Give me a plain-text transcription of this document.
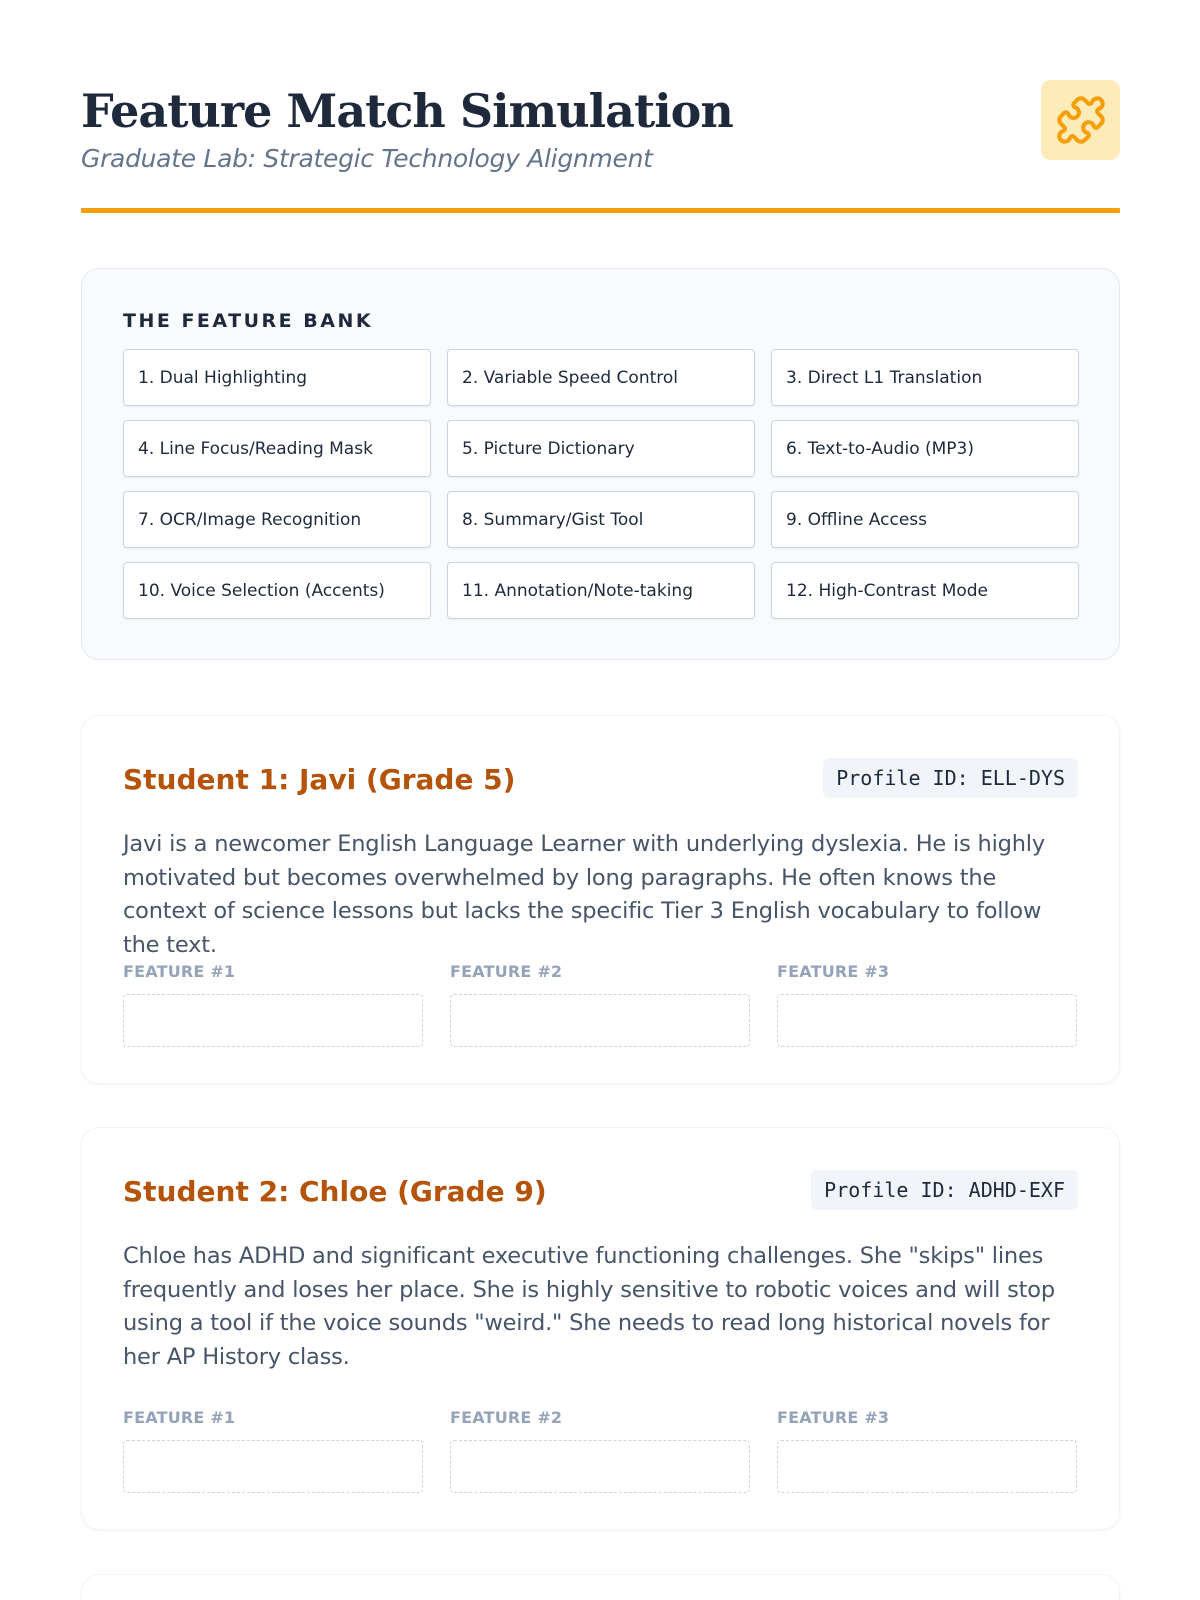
Feature Match Simulation
Graduate Lab: Strategic Technology Alignment
THE FEATURE BANK
1. Dual Highlighting	2. Variable Speed Control	3. Direct L1 Translation
4. Line Focus/Reading Mask	5. Picture Dictionary	6. Text-to-Audio (MP3)
7. OCR/Image Recognition	8. Summary/Gist Tool	9. Offline Access
10. Voice Selection (Accents)	11. Annotation/Note-taking	12. High-Contrast Mode
Student 1: Javi (Grade 5)	Profile ID: ELL-DYS

Javi is a newcomer English Language Learner with underlying dyslexia. He is highly motivated but becomes overwhelmed by long paragraphs. He often knows the context of science lessons but lacks the specific Tier 3 English vocabulary to follow the text.

FEATURE #1	FEATURE #2	FEATURE #3
Student 2: Chloe (Grade 9)	Profile ID: ADHD-EXF

Chloe has ADHD and significant executive functioning challenges. She "skips" lines frequently and loses her place. She is highly sensitive to robotic voices and will stop using a tool if the voice sounds "weird." She needs to read long historical novels for her AP History class.

FEATURE #1	FEATURE #2	FEATURE #3
